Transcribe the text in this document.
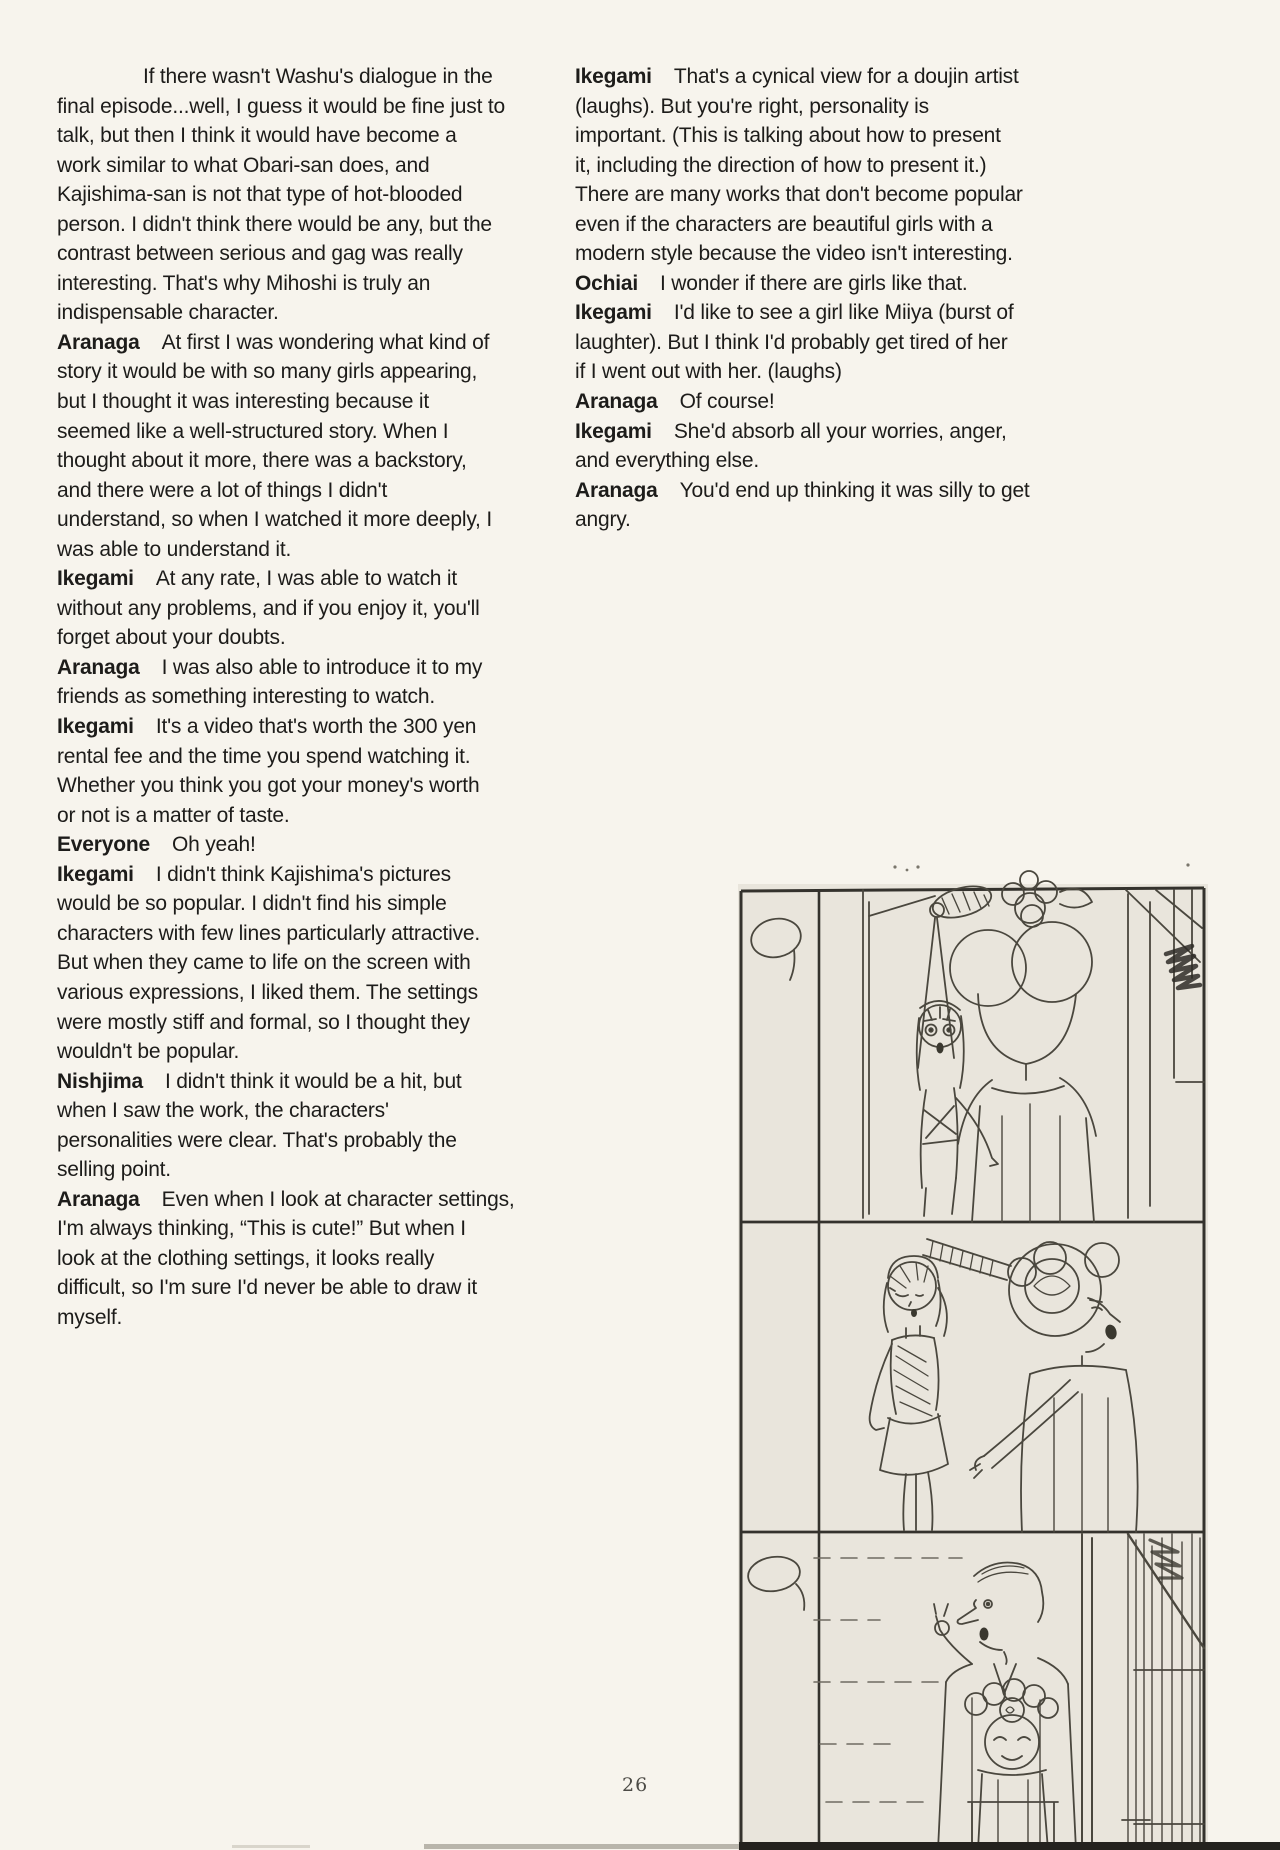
If there wasn't Washu's dialogue in the
final episode...well, I guess it would be fine just to
talk, but then I think it would have become a
work similar to what Obari-san does, and
Kajishima-san is not that type of hot-blooded
person. I didn't think there would be any, but the
contrast between serious and gag was really
interesting. That's why Mihoshi is truly an
indispensable character.
Aranaga At first I was wondering what kind of
story it would be with so many girls appearing,
but I thought it was interesting because it
seemed like a well-structured story. When I
thought about it more, there was a backstory,
and there were a lot of things I didn't
understand, so when I watched it more deeply, I
was able to understand it.
Ikegami At any rate, I was able to watch it
without any problems, and if you enjoy it, you'll
forget about your doubts.
Aranaga I was also able to introduce it to my
friends as something interesting to watch.
Ikegami It's a video that's worth the 300 yen
rental fee and the time you spend watching it.
Whether you think you got your money's worth
or not is a matter of taste.
Everyone Oh yeah!
Ikegami I didn't think Kajishima's pictures
would be so popular. I didn't find his simple
characters with few lines particularly attractive.
But when they came to life on the screen with
various expressions, I liked them. The settings
were mostly stiff and formal, so I thought they
wouldn't be popular.
Nishjima I didn't think it would be a hit, but
when I saw the work, the characters'
personalities were clear. That's probably the
selling point.
Aranaga Even when I look at character settings,
I'm always thinking, “This is cute!” But when I
look at the clothing settings, it looks really
difficult, so I'm sure I'd never be able to draw it
myself.
Ikegami That's a cynical view for a doujin artist
(laughs). But you're right, personality is
important. (This is talking about how to present
it, including the direction of how to present it.)
There are many works that don't become popular
even if the characters are beautiful girls with a
modern style because the video isn't interesting.
Ochiai I wonder if there are girls like that.
Ikegami I'd like to see a girl like Miiya (burst of
laughter). But I think I'd probably get tired of her
if I went out with her. (laughs)
Aranaga Of course!
Ikegami She'd absorb all your worries, anger,
and everything else.
Aranaga You'd end up thinking it was silly to get
angry.
26
